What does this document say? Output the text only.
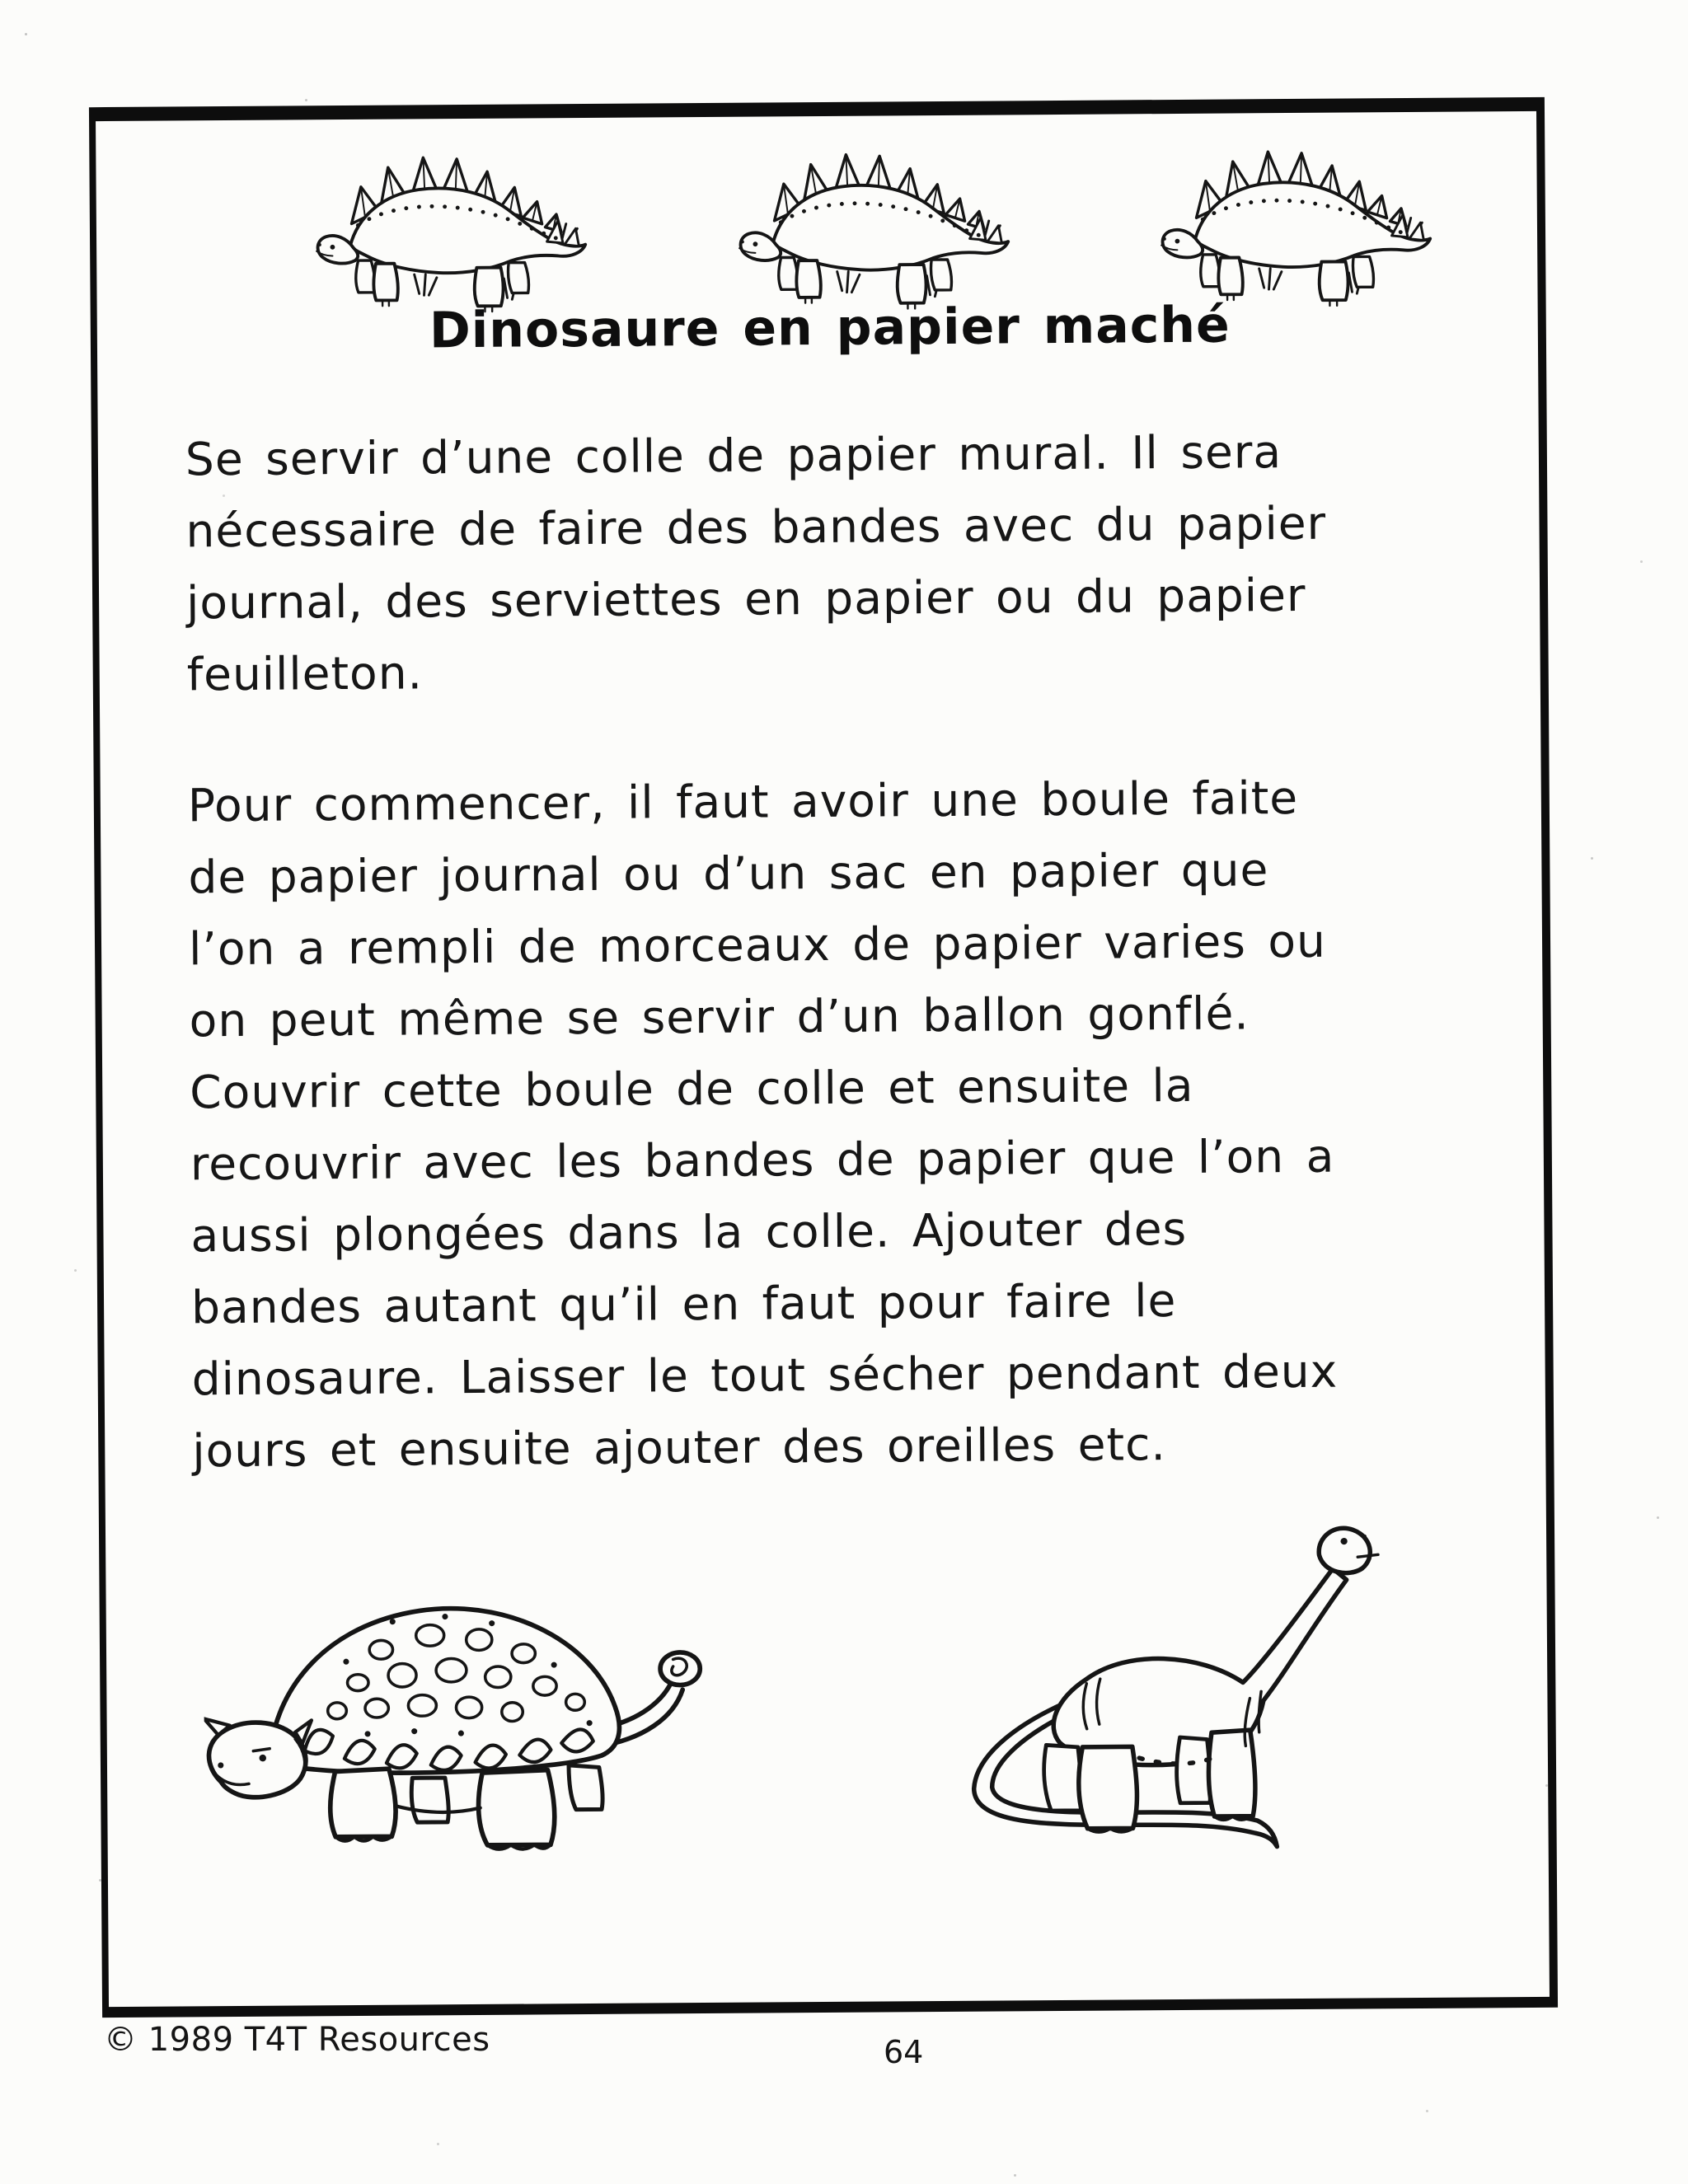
Dinosaure en papier maché

Se servir d’une colle de papier mural. Il sera
nécessaire de faire des bandes avec du papier
journal, des serviettes en papier ou du papier
feuilleton.

Pour commencer, il faut avoir une boule faite
de papier journal ou d’un sac en papier que
l’on a rempli de morceaux de papier varies ou
on peut même se servir d’un ballon gonflé.
Couvrir cette boule de colle et ensuite la
recouvrir avec les bandes de papier que l’on a
aussi plongées dans la colle. Ajouter des
bandes autant qu’il en faut pour faire le
dinosaure. Laisser le tout sécher pendant deux
jours et ensuite ajouter des oreilles etc.

© 1989 T4T Resources	64
